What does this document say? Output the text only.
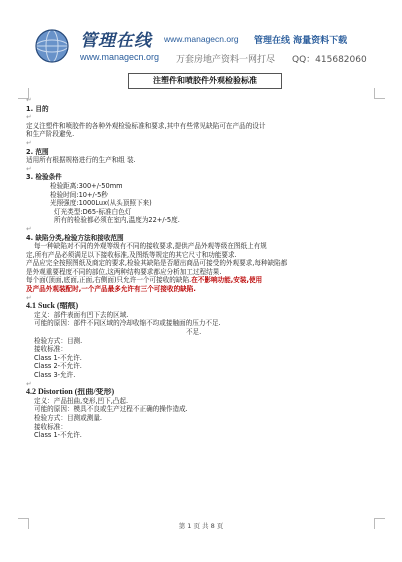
管理在线 www.managecn.org 管理在线 海量资料下载
www.managecn.org 万套房地产资料一网打尽 QQ：415682060
注塑件和喷胶件外观检验标准

↵

1. 目的

↵

定义注塑件和喷胶件的各种外观检验标准和要求,其中有些常见缺陷可在产品的设计

和生产阶段避免.

↵

2. 范围

适用所有根据规格进行的生产和组 装.

↵

3. 检验条件

检验距离:300+/-50mm

检验时间:10+/-5秒

光照强度:1000Lux(从头顶照下来)

灯光类型:D65-标准白色灯

所有的检验都必须在室内,温度为22+/-5度.

↵

4. 缺陷分类,检验方法和接收范围

每一种缺陷对不同的外观等级有不同的接收要求,提供产品外观等级在图纸上有规

定,所有产品必须满足以下接收标准,及图纸等规定的其它尺寸和功能要求.

产品应完全按照图纸及商定的要求,检验其缺陷是否超出商品可接受的外观要求,每种缺陷都

是外观重要程度不同的部位,这两种结构要求都应分析加工过程结果.

每个面(顶面,底面,正面,右侧面)只允许一个可接收的缺陷.在不影响功能,安装,使用

及产品外观装配时,一个产品最多允许有三个可接收的缺陷.

↵

4.1 Suck (缩痕)

定义：部件表面有凹下去的区域.

可能的原因：部件不同区域的冷却收缩不均或接触面的压力不足.

不足.

检验方式：目测.

接收标准：

Class 1-不允许.

Class 2-不允许.

Class 3-允许.

↵

4.2 Distortion (扭曲/变形)

定义：产品扭曲,变形,凹下,凸起.

可能的原因：模具不良或生产过程不正确的操作造成.

检验方式：目测或测量.

接收标准：

Class 1-不允许.

第 1 页 共 8 页
